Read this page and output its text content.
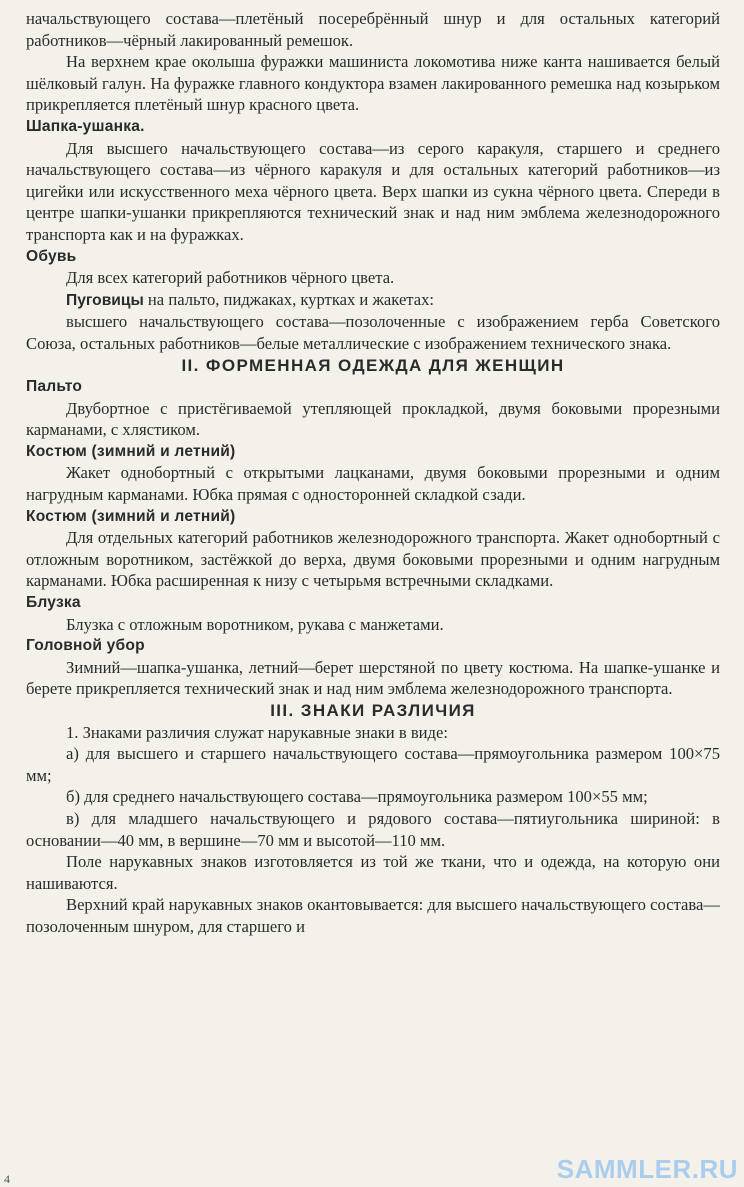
начальствующего состава—плетёный посеребрённый шнур и для остальных категорий работников—чёрный лакированный ремешок.

На верхнем крае околыша фуражки машиниста локомотива ниже канта нашивается белый шёлковый галун. На фуражке главного кондуктора взамен лакированного ремешка над козырьком прикрепляется плетёный шнур красного цвета.

Шапка-ушанка.

Для высшего начальствующего состава—из серого каракуля, старшего и среднего начальствующего состава—из чёрного каракуля и для остальных категорий работников—из цигейки или искусственного меха чёрного цвета. Верх шапки из сукна чёрного цвета. Спереди в центре шапки-ушанки прикрепляются технический знак и над ним эмблема железнодорожного транспорта как и на фуражках.

Обувь

Для всех категорий работников чёрного цвета.

Пуговицы на пальто, пиджаках, куртках и жакетах:

высшего начальствующего состава—позолоченные с изображением герба Советского Союза, остальных работников—белые металлические с изображением технического знака.

II. ФОРМЕННАЯ ОДЕЖДА ДЛЯ ЖЕНЩИН

Пальто

Двубортное с пристёгиваемой утепляющей прокладкой, двумя боковыми прорезными карманами, с хлястиком.

Костюм (зимний и летний)

Жакет однобортный с открытыми лацканами, двумя боковыми прорезными и одним нагрудным карманами. Юбка прямая с односторонней складкой сзади.

Костюм (зимний и летний)

Для отдельных категорий работников железнодорожного транспорта. Жакет однобортный с отложным воротником, застёжкой до верха, двумя боковыми прорезными и одним нагрудным карманами. Юбка расширенная к низу с четырьмя встречными складками.

Блузка

Блузка с отложным воротником, рукава с манжетами.

Головной убор

Зимний—шапка-ушанка, летний—берет шерстяной по цвету костюма. На шапке-ушанке и берете прикрепляется технический знак и над ним эмблема железнодорожного транспорта.

III. ЗНАКИ РАЗЛИЧИЯ

1. Знаками различия служат нарукавные знаки в виде:

а) для высшего и старшего начальствующего состава—прямоугольника размером 100×75 мм;

б) для среднего начальствующего состава—прямоугольника размером 100×55 мм;

в) для младшего начальствующего и рядового состава—пятиугольника шириной: в основании—40 мм, в вершине—70 мм и высотой—110 мм.

Поле нарукавных знаков изготовляется из той же ткани, что и одежда, на которую они нашиваются.

Верхний край нарукавных знаков окантовывается: для высшего начальствующего состава—позолоченным шнуром, для старшего и

4	SAMMLER.RU
